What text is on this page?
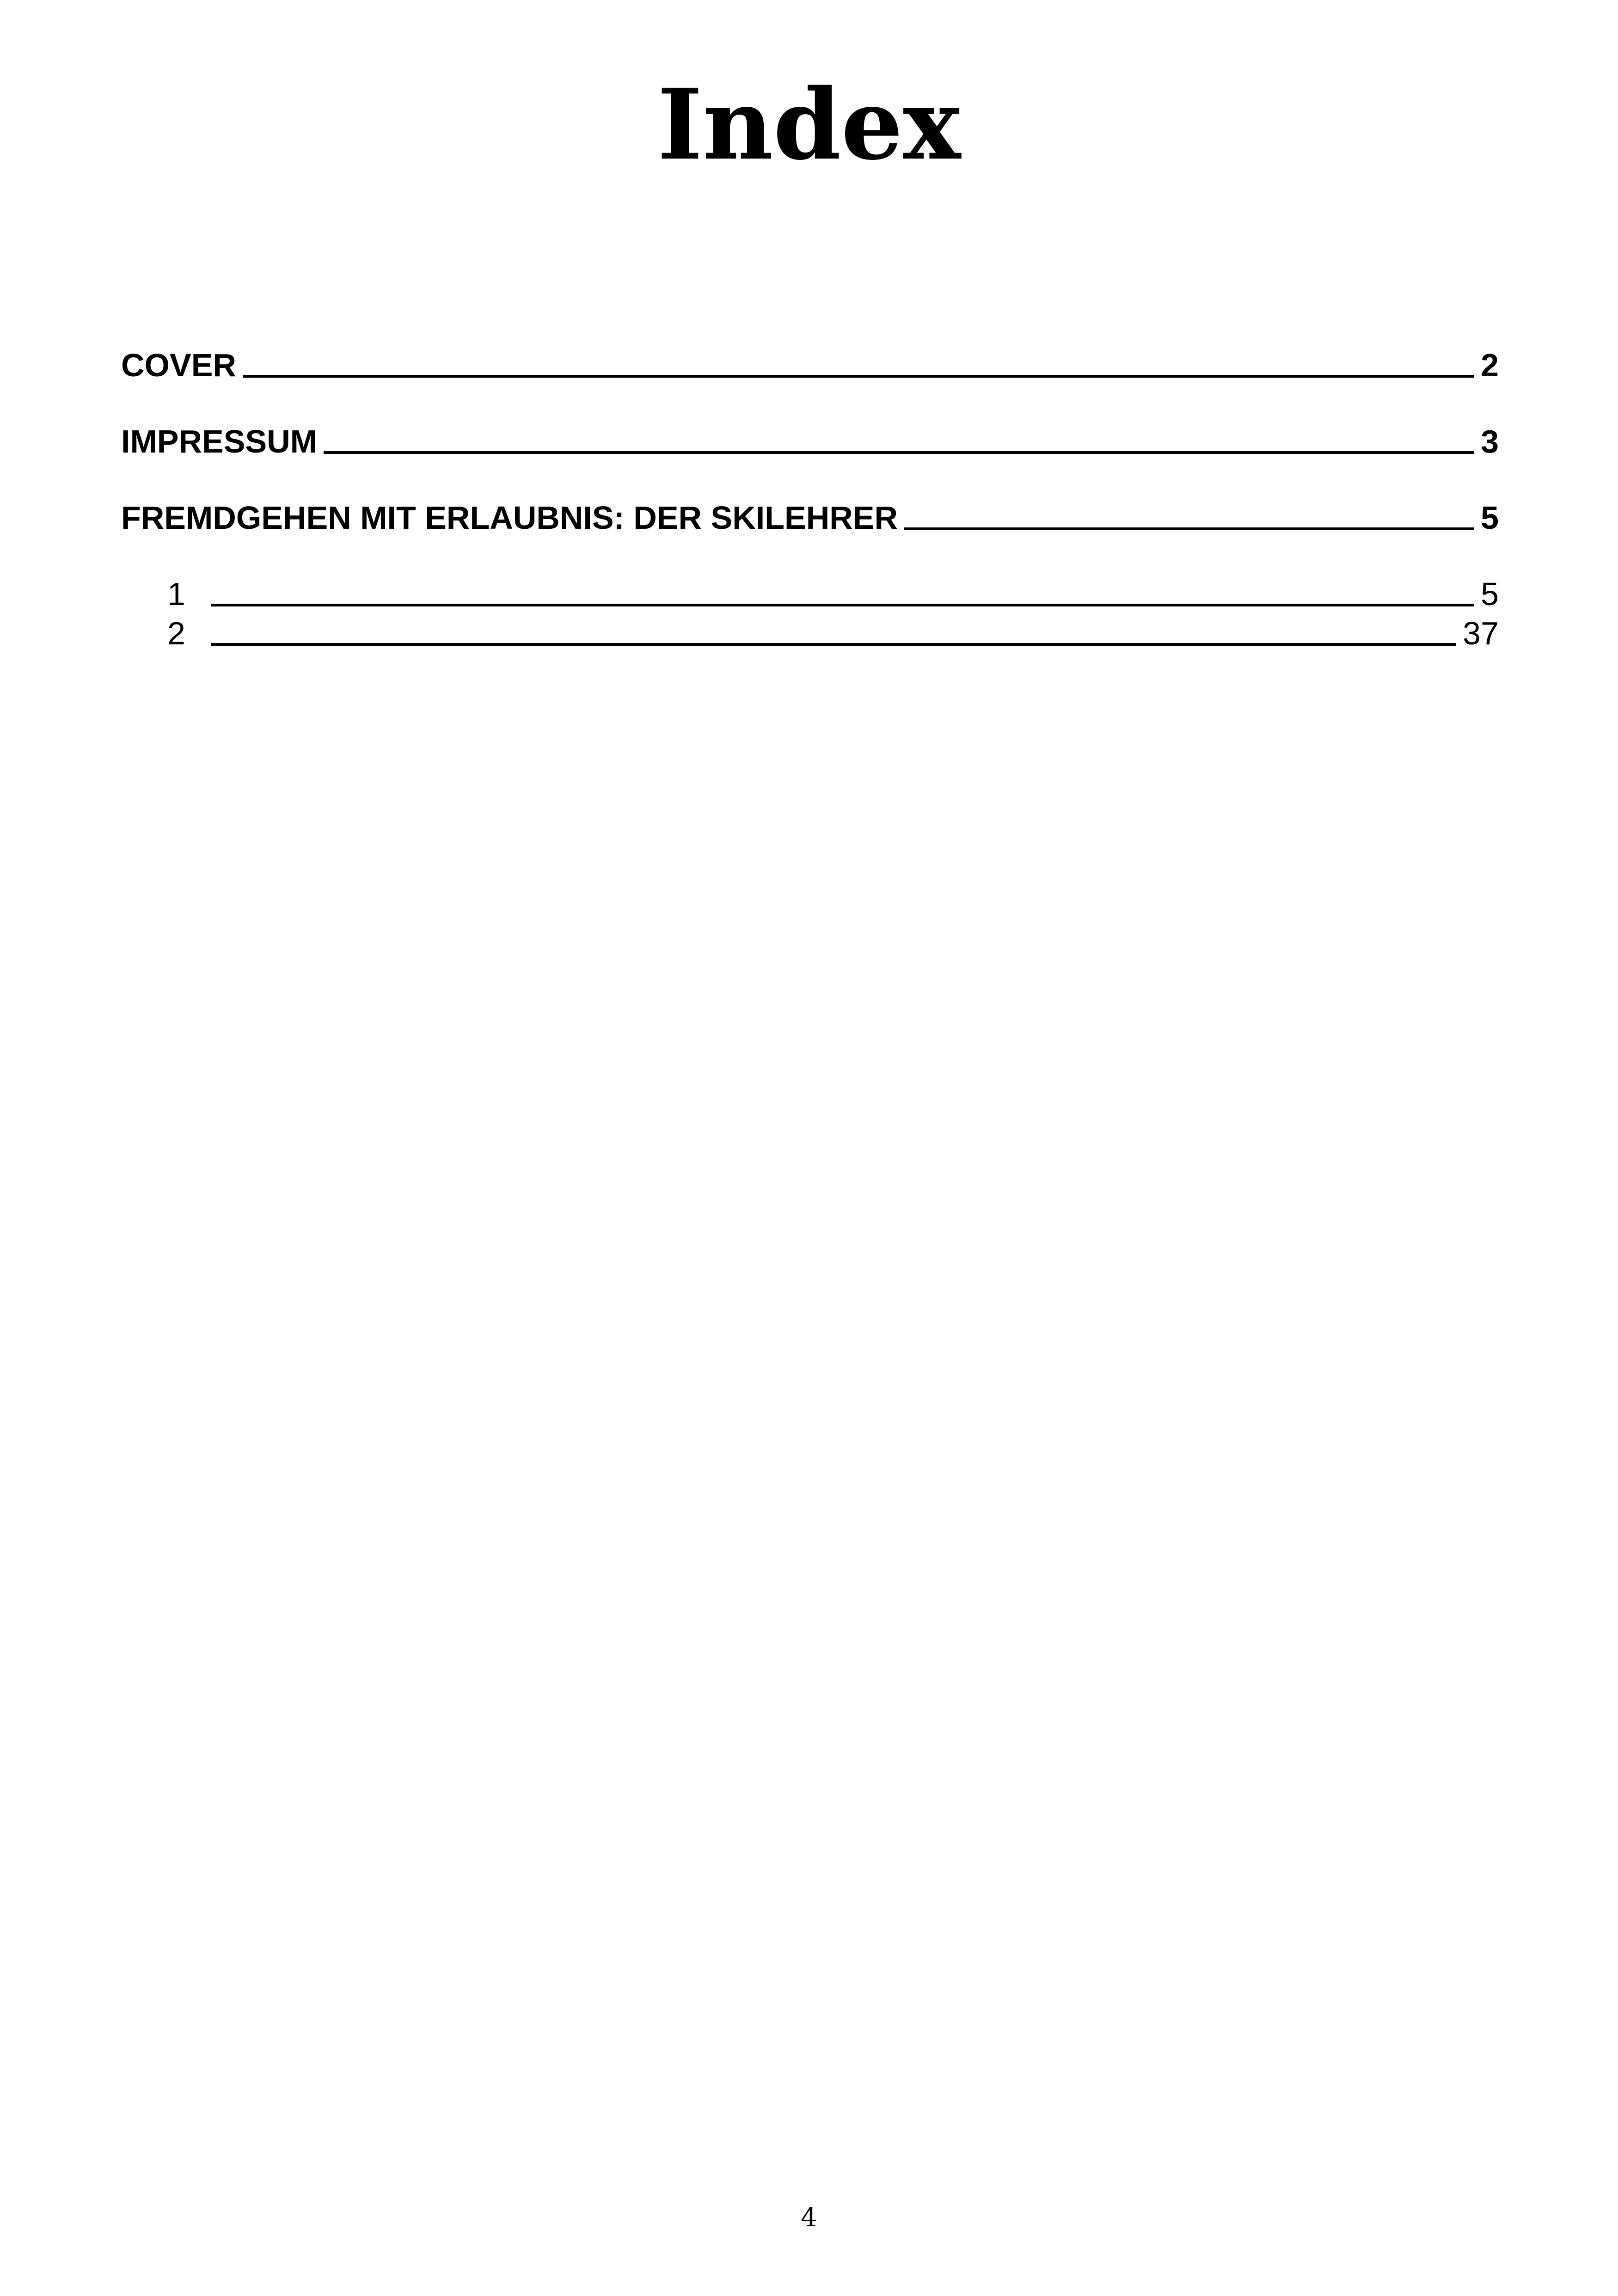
Index
COVER	2
IMPRESSUM	3
FREMDGEHEN MIT ERLAUBNIS: DER SKILEHRER	5
1	5
2	37
4
